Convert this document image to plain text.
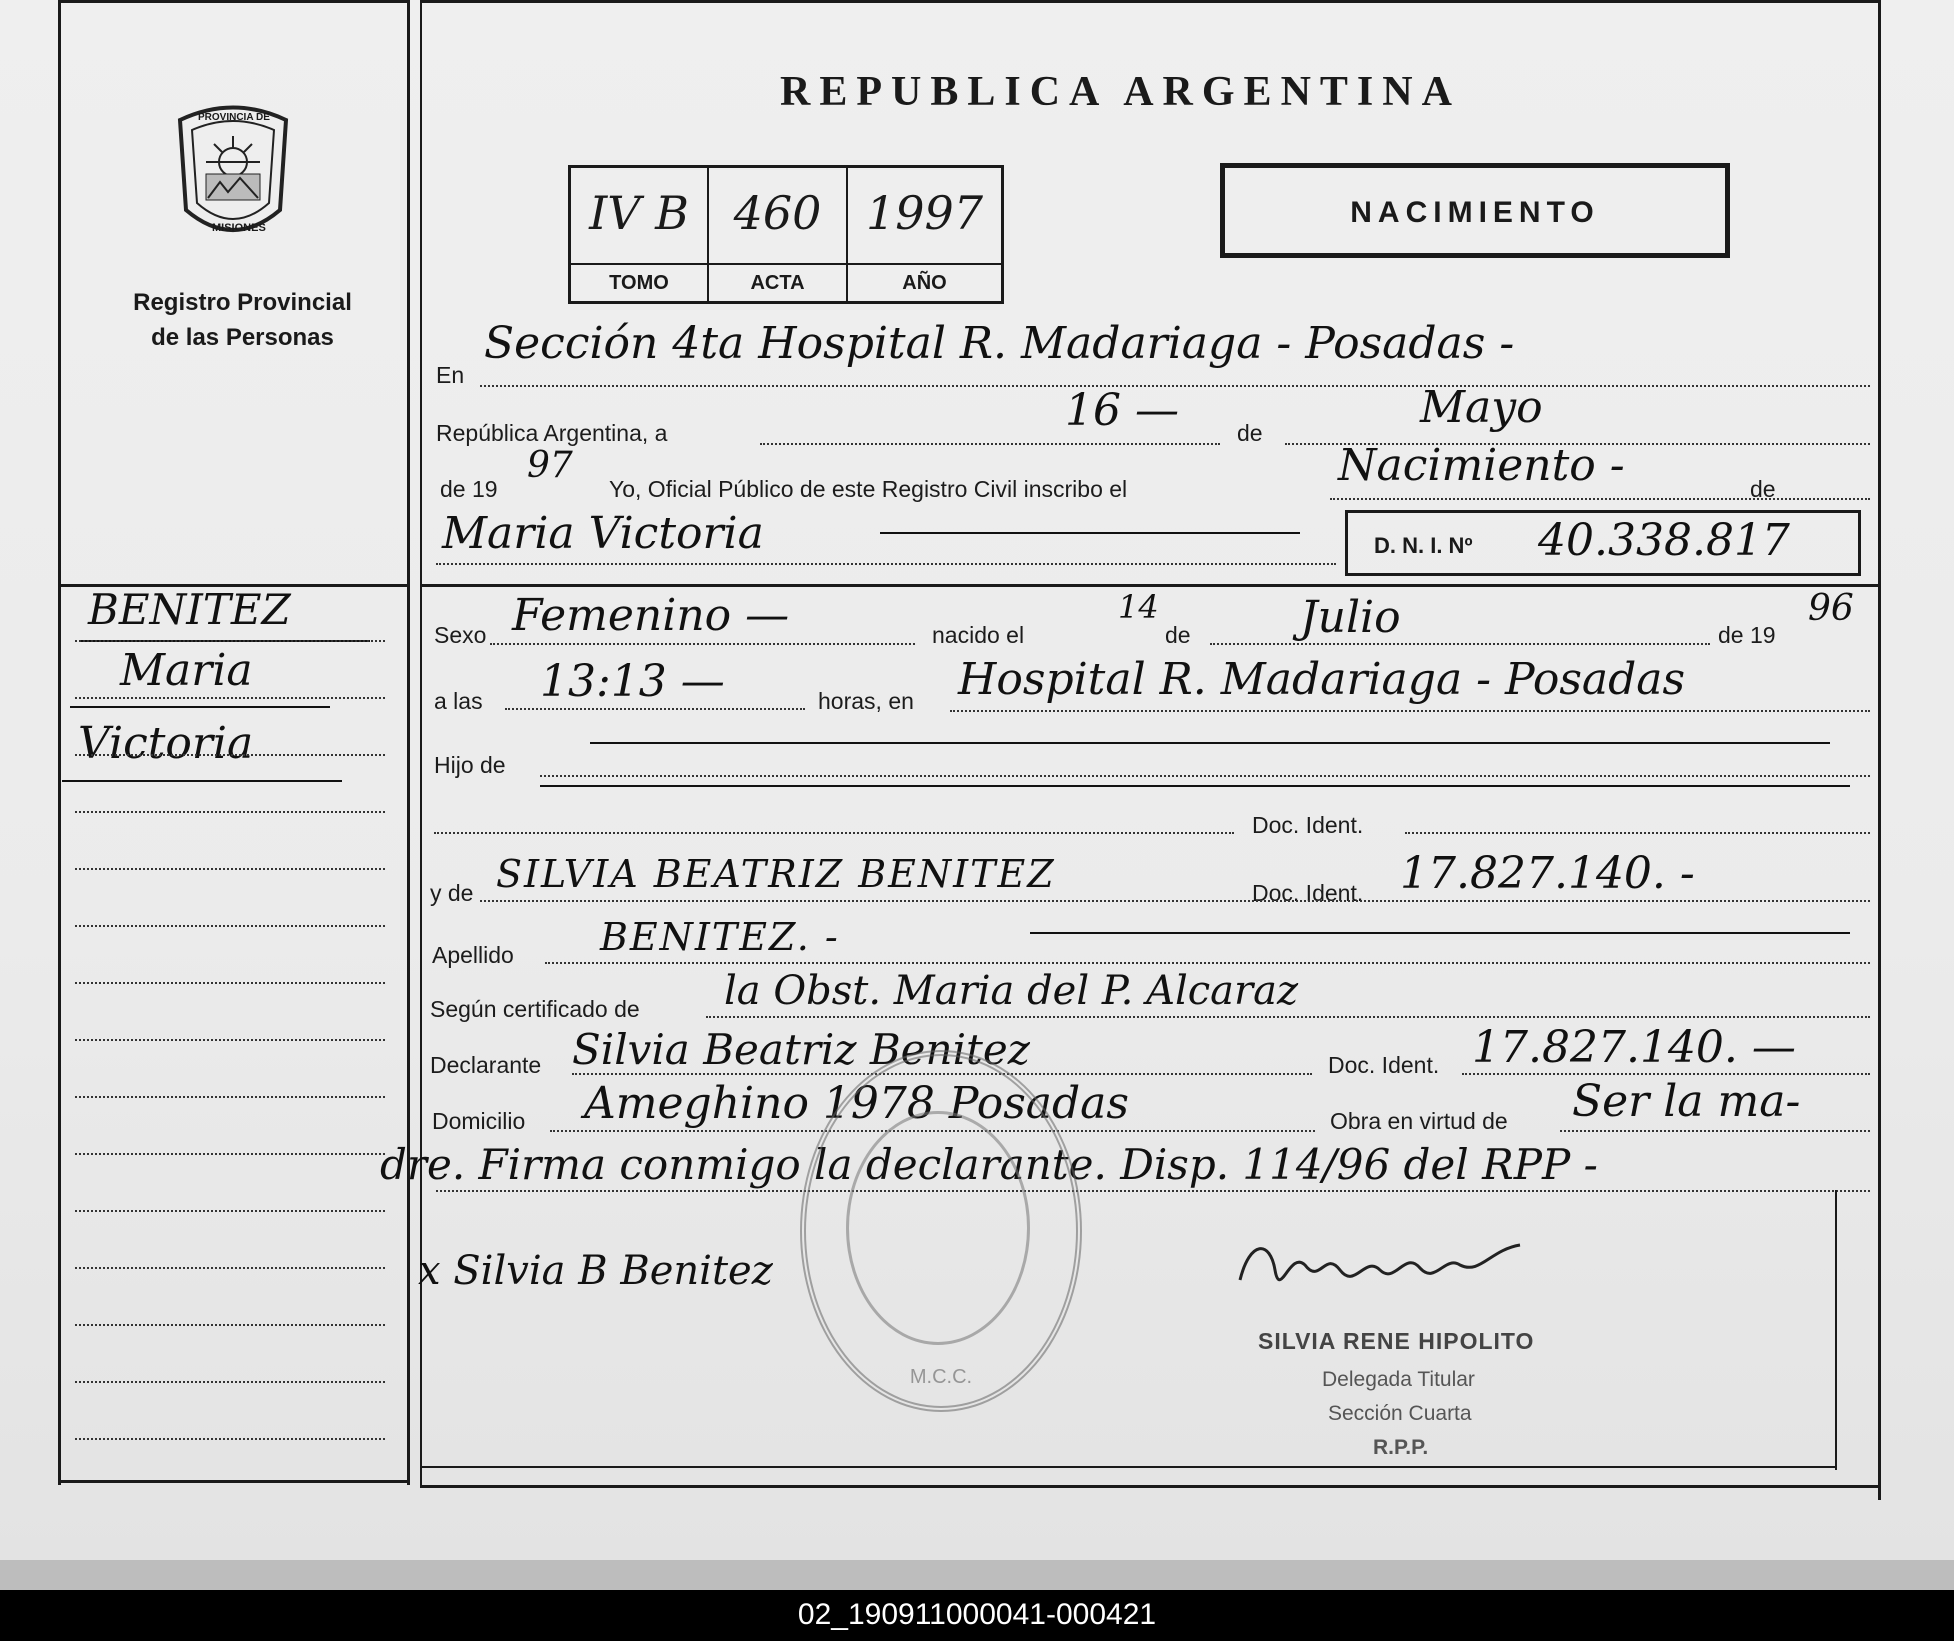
PROVINCIA DE
MISIONES
Registro Provincial
de las Personas
REPUBLICA ARGENTINA
IV B
TOMO
460
ACTA
1997
AÑO
NACIMIENTO
BENITEZ
Maria
Victoria
En
Sección 4ta Hospital R. Madariaga - Posadas -
República Argentina, a	16 —	de	Mayo
de 19
97
Yo, Oficial Público de este Registro Civil inscribo el	Nacimiento -	de
Maria Victoria	D. N. I. Nº 40.338.817
Sexo Femenino —	nacido el
14
de Julio	de 19
96
a las 13:13 —	horas, en Hospital R. Madariaga - Posadas
Hijo de
Doc. Ident.
y de SILVIA BEATRIZ BENITEZ	Doc. Ident. 17.827.140. -
Apellido BENITEZ. -
Según certificado de la Obst. Maria del P. Alcaraz
Declarante Silvia Beatriz Benitez	Doc. Ident. 17.827.140. —
Domicilio Ameghino 1978 Posadas	Obra en virtud de Ser la ma-
dre. Firma conmigo la declarante. Disp. 114/96 del RPP -
M.C.C.
x Silvia B Benitez
SILVIA RENE HIPOLITO
Delegada Titular
Sección Cuarta
R.P.P.
02_190911000041-000421
